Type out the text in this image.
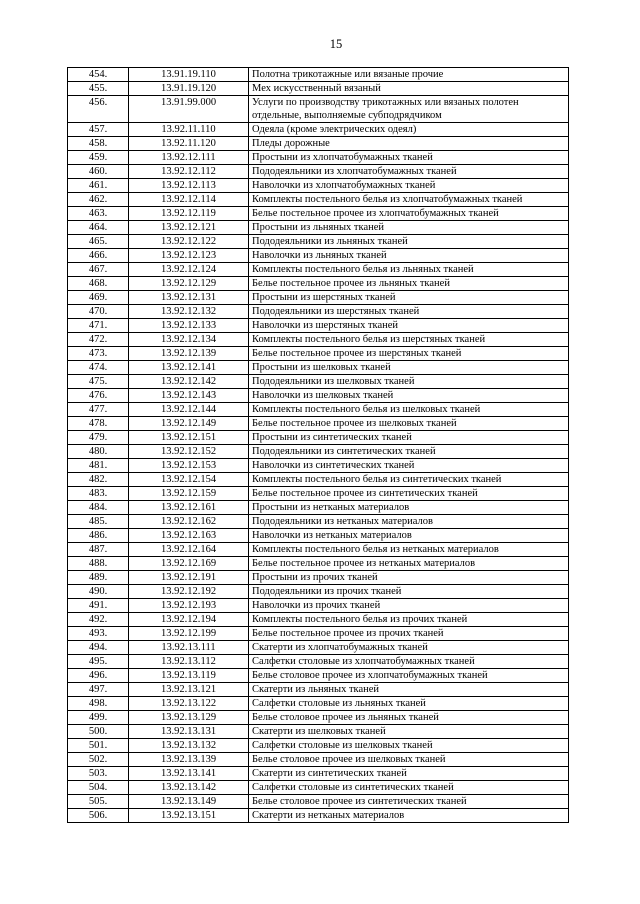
15
454.	13.91.19.110	Полотна трикотажные или вязаные прочие
455.	13.91.19.120	Мех искусственный вязаный
456.	13.91.99.000	Услуги по производству трикотажных или вязаных полотен отдельные, выполняемые субподрядчиком
457.	13.92.11.110	Одеяла (кроме электрических одеял)
458.	13.92.11.120	Пледы дорожные
459.	13.92.12.111	Простыни из хлопчатобумажных тканей
460.	13.92.12.112	Пододеяльники из хлопчатобумажных тканей
461.	13.92.12.113	Наволочки из хлопчатобумажных тканей
462.	13.92.12.114	Комплекты постельного белья из хлопчатобумажных тканей
463.	13.92.12.119	Белье постельное прочее из хлопчатобумажных тканей
464.	13.92.12.121	Простыни из льняных тканей
465.	13.92.12.122	Пододеяльники из льняных тканей
466.	13.92.12.123	Наволочки из льняных тканей
467.	13.92.12.124	Комплекты постельного белья из льняных тканей
468.	13.92.12.129	Белье постельное прочее из льняных тканей
469.	13.92.12.131	Простыни из шерстяных тканей
470.	13.92.12.132	Пододеяльники из шерстяных тканей
471.	13.92.12.133	Наволочки из шерстяных тканей
472.	13.92.12.134	Комплекты постельного белья из шерстяных тканей
473.	13.92.12.139	Белье постельное прочее из шерстяных тканей
474.	13.92.12.141	Простыни из шелковых тканей
475.	13.92.12.142	Пододеяльники из шелковых тканей
476.	13.92.12.143	Наволочки из шелковых тканей
477.	13.92.12.144	Комплекты постельного белья из шелковых тканей
478.	13.92.12.149	Белье постельное прочее из шелковых тканей
479.	13.92.12.151	Простыни из синтетических тканей
480.	13.92.12.152	Пододеяльники из синтетических тканей
481.	13.92.12.153	Наволочки из синтетических тканей
482.	13.92.12.154	Комплекты постельного белья из синтетических тканей
483.	13.92.12.159	Белье постельное прочее из синтетических тканей
484.	13.92.12.161	Простыни из нетканых материалов
485.	13.92.12.162	Пододеяльники из нетканых материалов
486.	13.92.12.163	Наволочки из нетканых материалов
487.	13.92.12.164	Комплекты постельного белья из нетканых материалов
488.	13.92.12.169	Белье постельное прочее из нетканых материалов
489.	13.92.12.191	Простыни из прочих тканей
490.	13.92.12.192	Пододеяльники из прочих тканей
491.	13.92.12.193	Наволочки из прочих тканей
492.	13.92.12.194	Комплекты постельного белья из прочих тканей
493.	13.92.12.199	Белье постельное прочее из прочих тканей
494.	13.92.13.111	Скатерти из хлопчатобумажных тканей
495.	13.92.13.112	Салфетки столовые из хлопчатобумажных тканей
496.	13.92.13.119	Белье столовое прочее из хлопчатобумажных тканей
497.	13.92.13.121	Скатерти из льняных тканей
498.	13.92.13.122	Салфетки столовые из льняных тканей
499.	13.92.13.129	Белье столовое прочее из льняных тканей
500.	13.92.13.131	Скатерти из шелковых тканей
501.	13.92.13.132	Салфетки столовые из шелковых тканей
502.	13.92.13.139	Белье столовое прочее из шелковых тканей
503.	13.92.13.141	Скатерти из синтетических тканей
504.	13.92.13.142	Салфетки столовые из синтетических тканей
505.	13.92.13.149	Белье столовое прочее из синтетических тканей
506.	13.92.13.151	Скатерти из нетканых материалов
